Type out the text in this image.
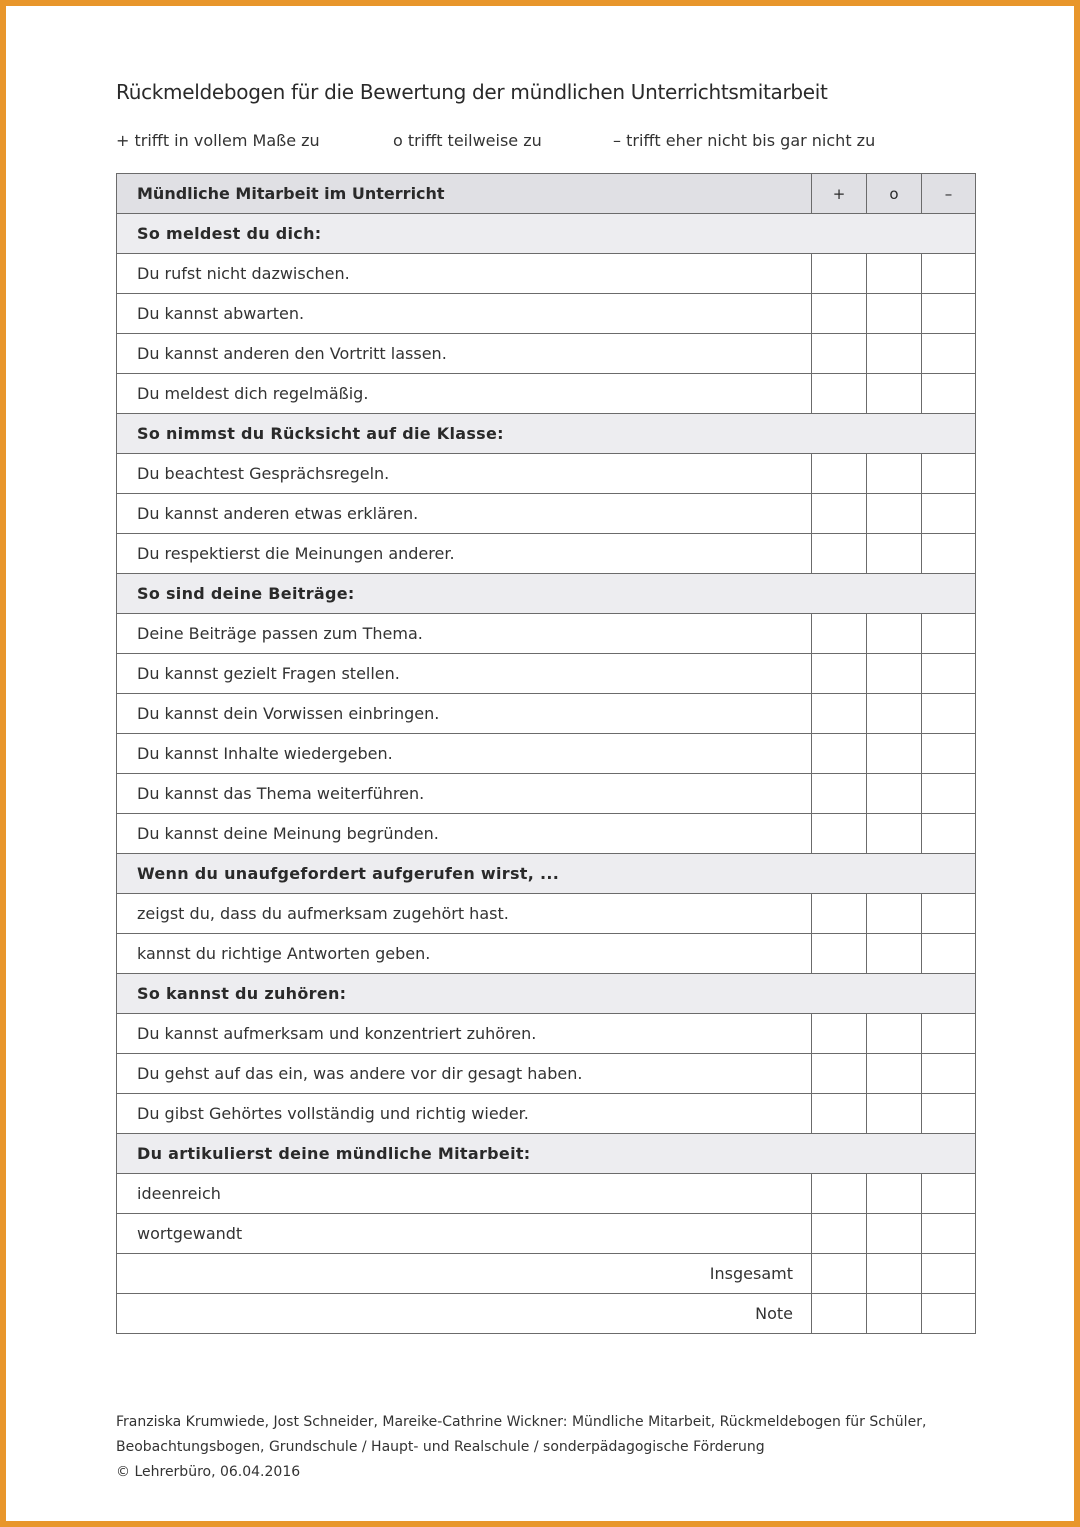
Rückmeldebogen für die Bewertung der mündlichen Unterrichtsmitarbeit
+ trifft in vollem Maße zu	o trifft teilweise zu	– trifft eher nicht bis gar nicht zu
Mündliche Mitarbeit im Unterricht	+	o	–
So meldest du dich:			
Du rufst nicht dazwischen.			
Du kannst abwarten.			
Du kannst anderen den Vortritt lassen.			
Du meldest dich regelmäßig.			
So nimmst du Rücksicht auf die Klasse:			
Du beachtest Gesprächsregeln.			
Du kannst anderen etwas erklären.			
Du respektierst die Meinungen anderer.			
So sind deine Beiträge:			
Deine Beiträge passen zum Thema.			
Du kannst gezielt Fragen stellen.			
Du kannst dein Vorwissen einbringen.			
Du kannst Inhalte wiedergeben.			
Du kannst das Thema weiterführen.			
Du kannst deine Meinung begründen.			
Wenn du unaufgefordert aufgerufen wirst, ...			
zeigst du, dass du aufmerksam zugehört hast.			
kannst du richtige Antworten geben.			
So kannst du zuhören:			
Du kannst aufmerksam und konzentriert zuhören.			
Du gehst auf das ein, was andere vor dir gesagt haben.			
Du gibst Gehörtes vollständig und richtig wieder.			
Du artikulierst deine mündliche Mitarbeit:			
ideenreich			
wortgewandt			
Insgesamt			
Note			
Franziska Krumwiede, Jost Schneider, Mareike-Cathrine Wickner: Mündliche Mitarbeit, Rückmeldebogen für Schüler,
Beobachtungsbogen, Grundschule / Haupt- und Realschule / sonderpädagogische Förderung
© Lehrerbüro, 06.04.2016
